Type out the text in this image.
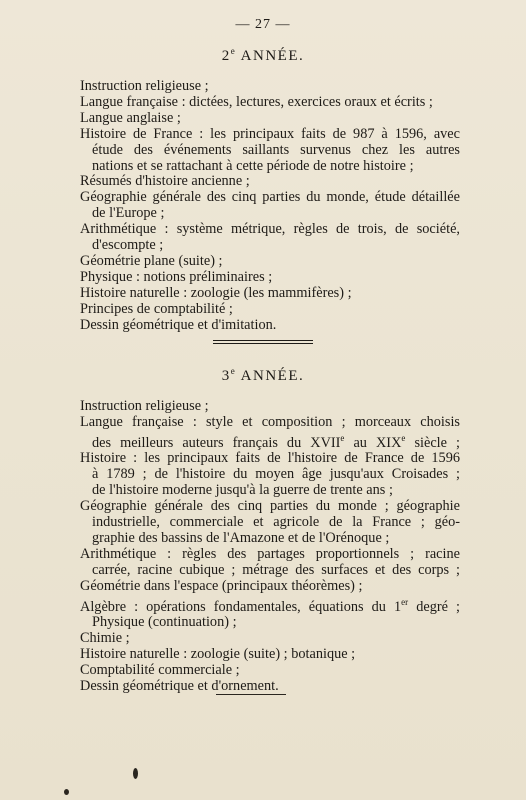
— 27 —
2e ANNÉE.
Instruction religieuse ;
Langue française : dictées, lectures, exercices oraux et écrits ;
Langue anglaise ;
Histoire de France : les principaux faits de 987 à 1596, avec
étude des événements saillants survenus chez les autres
nations et se rattachant à cette période de notre histoire ;
Résumés d'histoire ancienne ;
Géographie générale des cinq parties du monde, étude détaillée
de l'Europe ;
Arithmétique : système métrique, règles de trois, de société,
d'escompte ;
Géométrie plane (suite) ;
Physique : notions préliminaires ;
Histoire naturelle : zoologie (les mammifères) ;
Principes de comptabilité ;
Dessin géométrique et d'imitation.
3e ANNÉE.
Instruction religieuse ;
Langue française : style et composition ; morceaux choisis
des meilleurs auteurs français du XVIIe au XIXe siècle ;
Histoire : les principaux faits de l'histoire de France de 1596
à 1789 ; de l'histoire du moyen âge jusqu'aux Croisades ;
de l'histoire moderne jusqu'à la guerre de trente ans ;
Géographie générale des cinq parties du monde ; géographie
industrielle, commerciale et agricole de la France ; géo-
graphie des bassins de l'Amazone et de l'Orénoque ;
Arithmétique : règles des partages proportionnels ; racine
carrée, racine cubique ; métrage des surfaces et des corps ;
Géométrie dans l'espace (principaux théorèmes) ;
Algèbre : opérations fondamentales, équations du 1er degré ;
Physique (continuation) ;
Chimie ;
Histoire naturelle : zoologie (suite) ; botanique ;
Comptabilité commerciale ;
Dessin géométrique et d'ornement.
